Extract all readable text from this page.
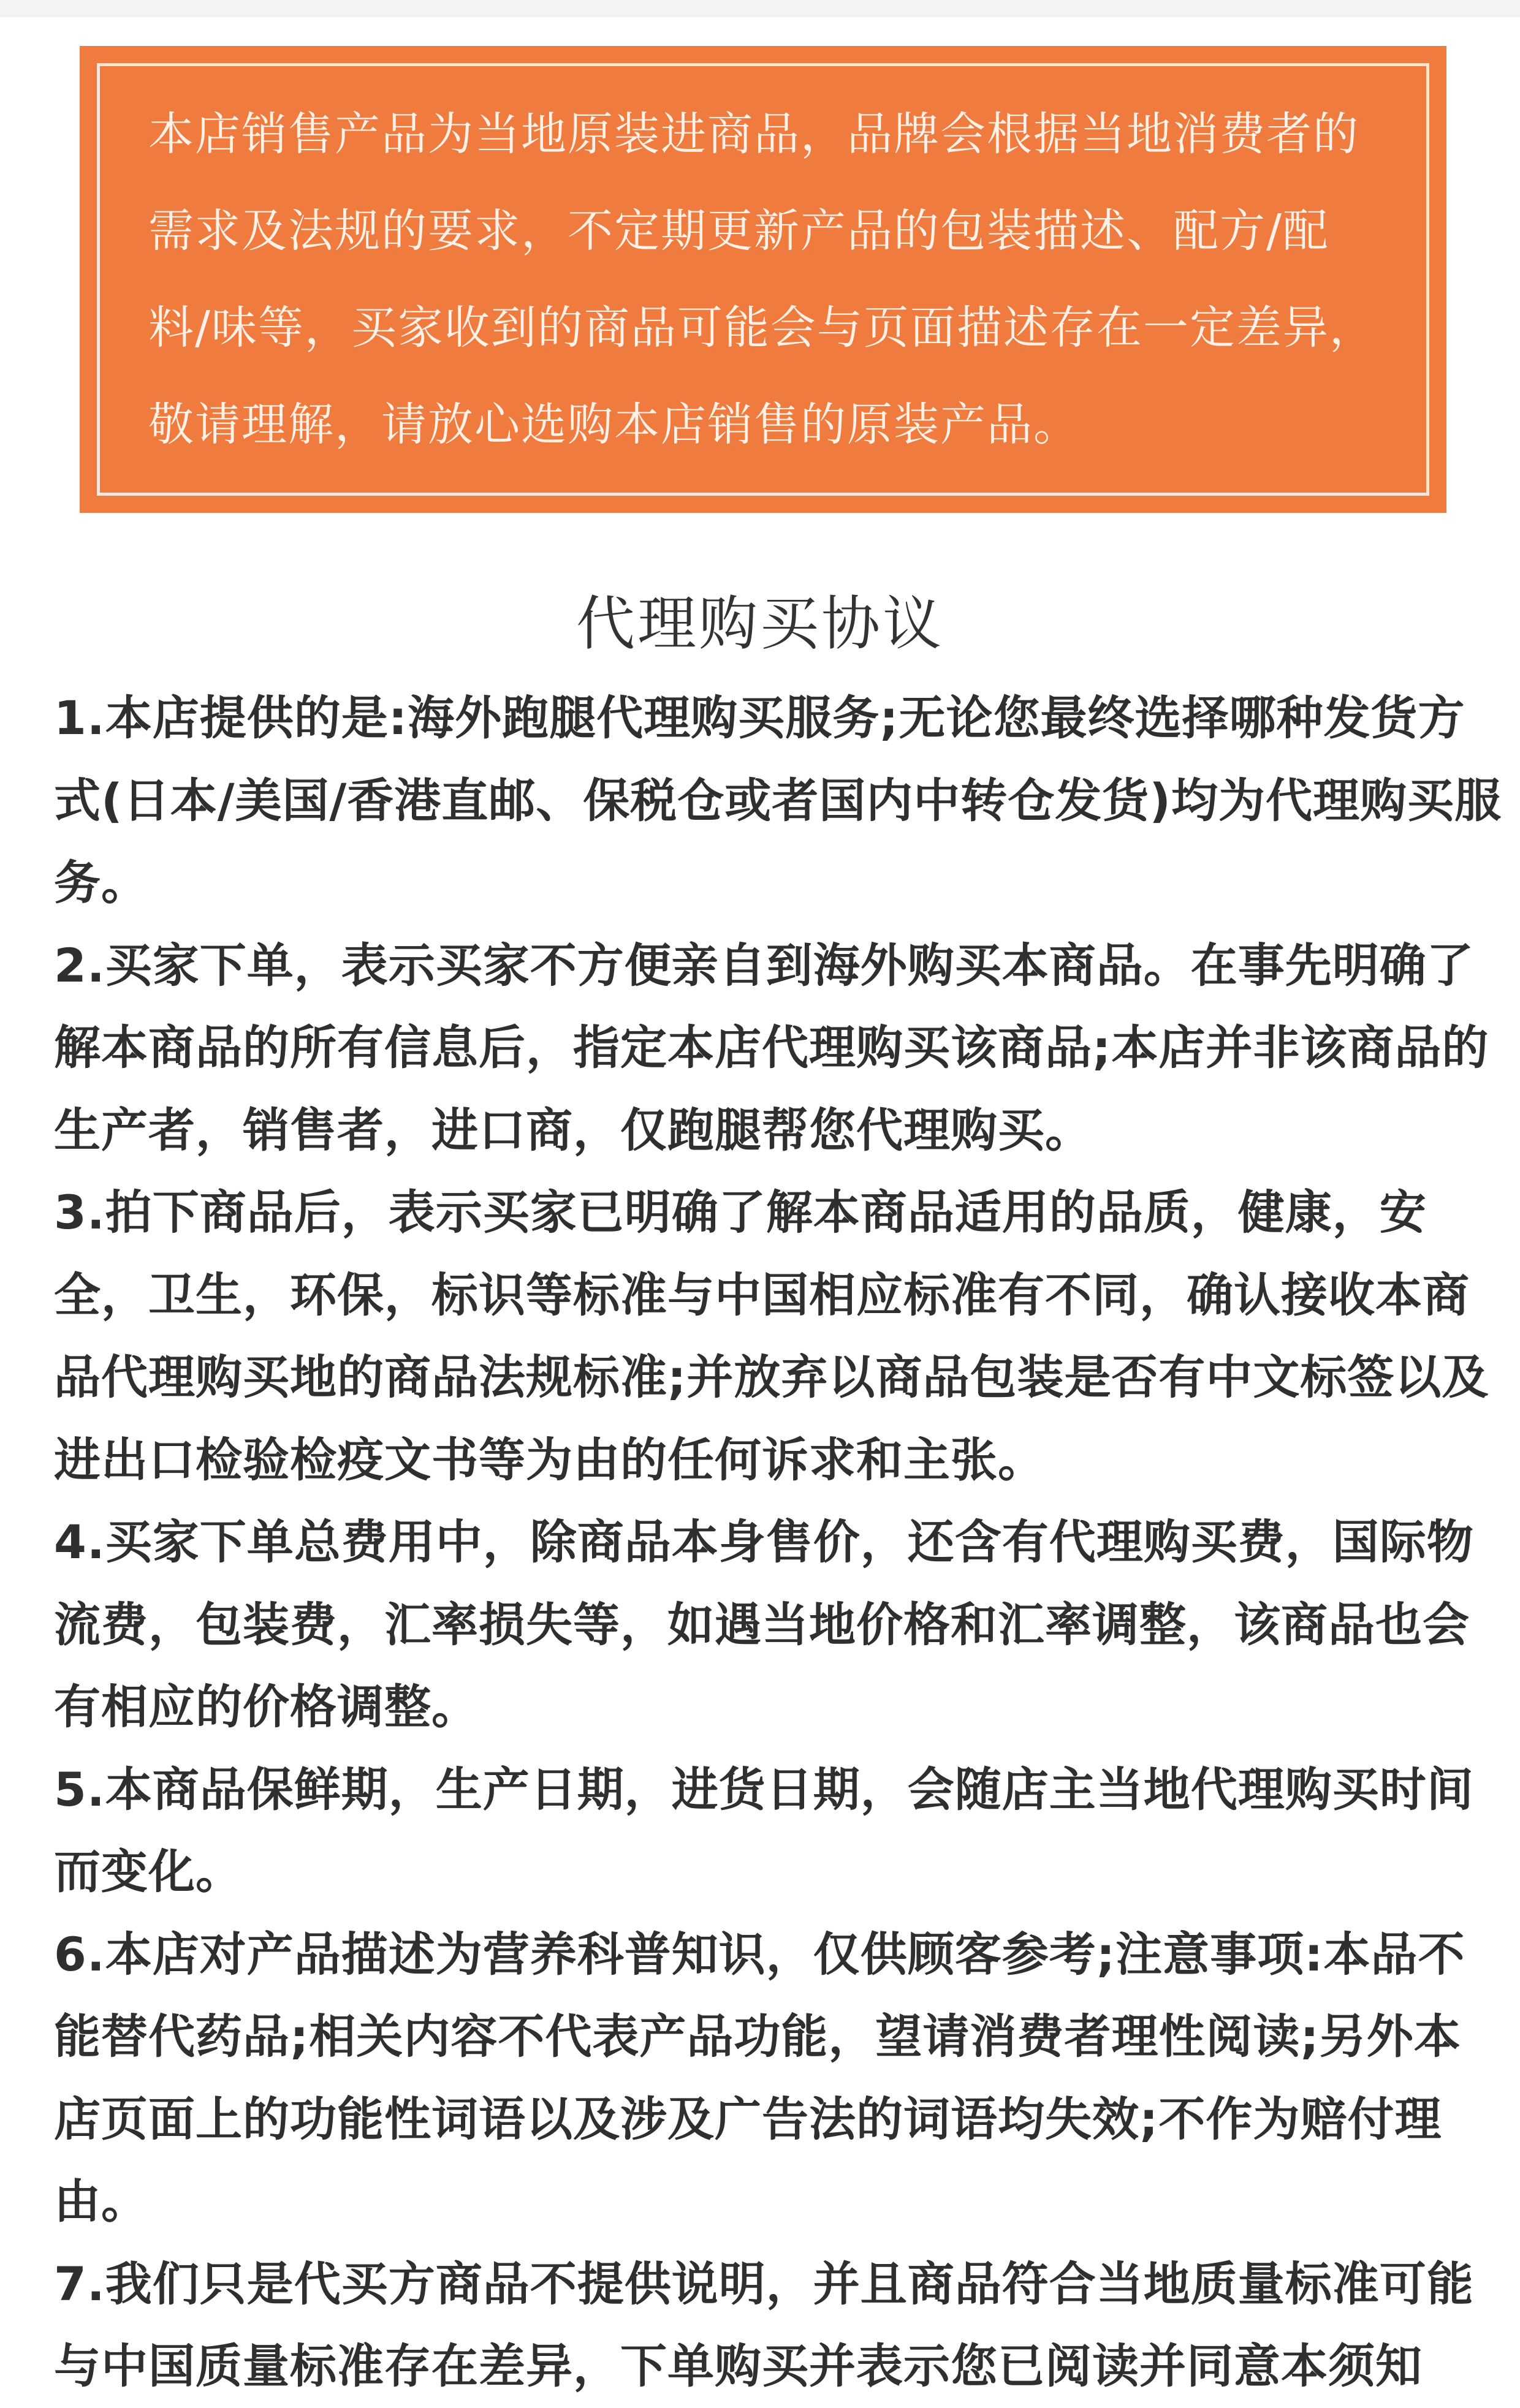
本店销售产品为当地原装进商品，品牌会根据当地消费者的需求及法规的要求，不定期更新产品的包装描述、配方/配料/味等，买家收到的商品可能会与页面描述存在一定差异，敬请理解，请放心选购本店销售的原装产品。

代理购买协议
1.本店提供的是:海外跑腿代理购买服务;无论您最终选择哪种发货方式(日本/美国/香港直邮、保税仓或者国内中转仓发货)均为代理购买服务。
2.买家下单，表示买家不方便亲自到海外购买本商品。在事先明确了解本商品的所有信息后，指定本店代理购买该商品;本店并非该商品的生产者，销售者，进口商，仅跑腿帮您代理购买。
3.拍下商品后，表示买家已明确了解本商品适用的品质，健康，安全，卫生，环保，标识等标准与中国相应标准有不同，确认接收本商品代理购买地的商品法规标准;并放弃以商品包装是否有中文标签以及进出口检验检疫文书等为由的任何诉求和主张。
4.买家下单总费用中，除商品本身售价，还含有代理购买费，国际物流费，包装费，汇率损失等，如遇当地价格和汇率调整，该商品也会有相应的价格调整。
5.本商品保鲜期，生产日期，进货日期，会随店主当地代理购买时间而变化。
6.本店对产品描述为营养科普知识，仅供顾客参考;注意事项:本品不能替代药品;相关内容不代表产品功能，望请消费者理性阅读;另外本店页面上的功能性词语以及涉及广告法的词语均失效;不作为赔付理由。
7.我们只是代买方商品不提供说明，并且商品符合当地质量标准可能与中国质量标准存在差异，下单购买并表示您已阅读并同意本须知
